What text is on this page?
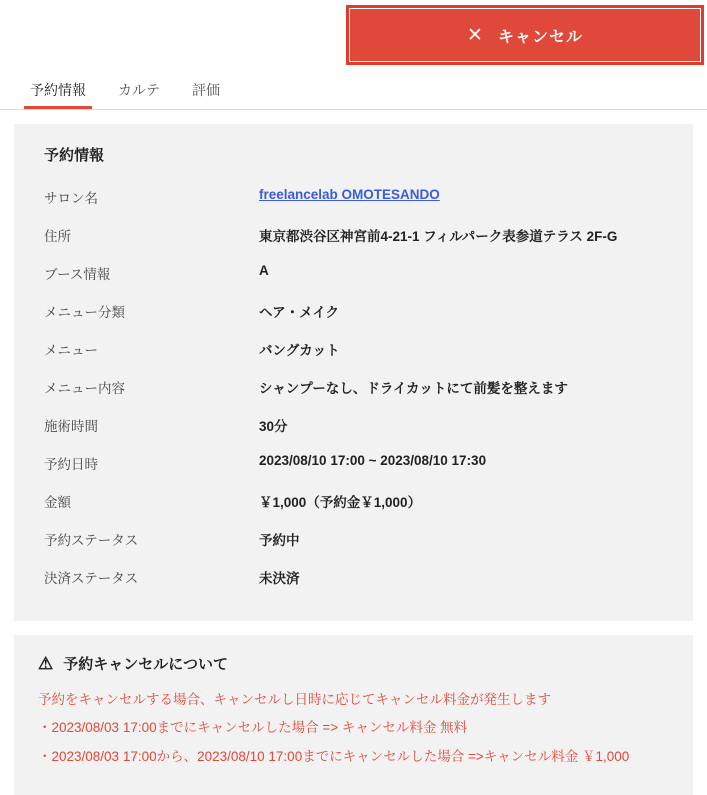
✕ キャンセル
予約情報	カルテ	評価
予約情報
サロン名	freelancelab OMOTESANDO
住所	東京都渋谷区神宮前4-21-1 フィルパーク表参道テラス 2F-G
ブース情報	A
メニュー分類	ヘア・メイク
メニュー	バングカット
メニュー内容	シャンプーなし、ドライカットにて前髪を整えます
施術時間	30分
予約日時	2023/08/10 17:00 ~ 2023/08/10 17:30
金額	￥1,000（予約金￥1,000）
予約ステータス	予約中
決済ステータス	未決済
⚠ 予約キャンセルについて

予約をキャンセルする場合、キャンセルし日時に応じてキャンセル料金が発生します

・2023/08/03 17:00までにキャンセルした場合 => キャンセル料金 無料

・2023/08/03 17:00から、2023/08/10 17:00までにキャンセルした場合 =>キャンセル料金 ￥1,000
